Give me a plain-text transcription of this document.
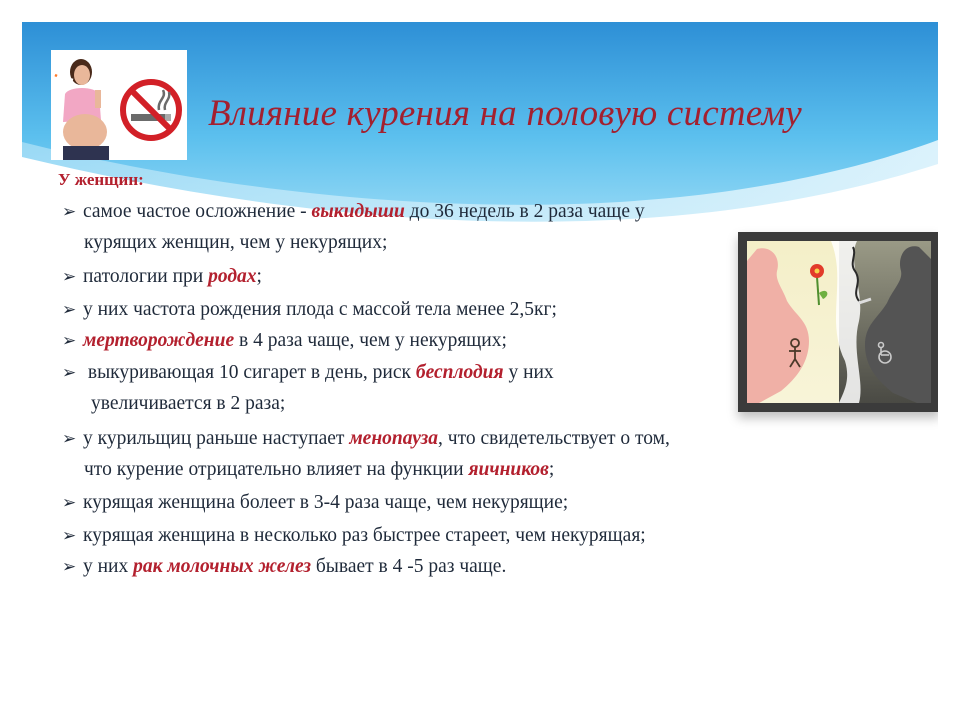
Влияние курения на половую систему
У женщин:
➢ самое частое осложнение - выкидыши до 36 недель в 2 раза чаще у
курящих женщин, чем у некурящих;
➢ патологии при родах;
➢ у них частота рождения плода с массой тела менее 2,5кг;
➢ мертворождение в 4 раза чаще, чем у некурящих;
➢ выкуривающая 10 сигарет в день, риск бесплодия у них
увеличивается в 2 раза;
➢ у курильщиц раньше наступает менопауза, что свидетельствует о том,
что курение отрицательно влияет на функции яичников;
➢ курящая женщина болеет в 3-4 раза чаще, чем некурящие;
➢ курящая женщина в несколько раз быстрее стареет, чем некурящая;
➢ у них рак молочных желез бывает в 4 -5 раз чаще.
